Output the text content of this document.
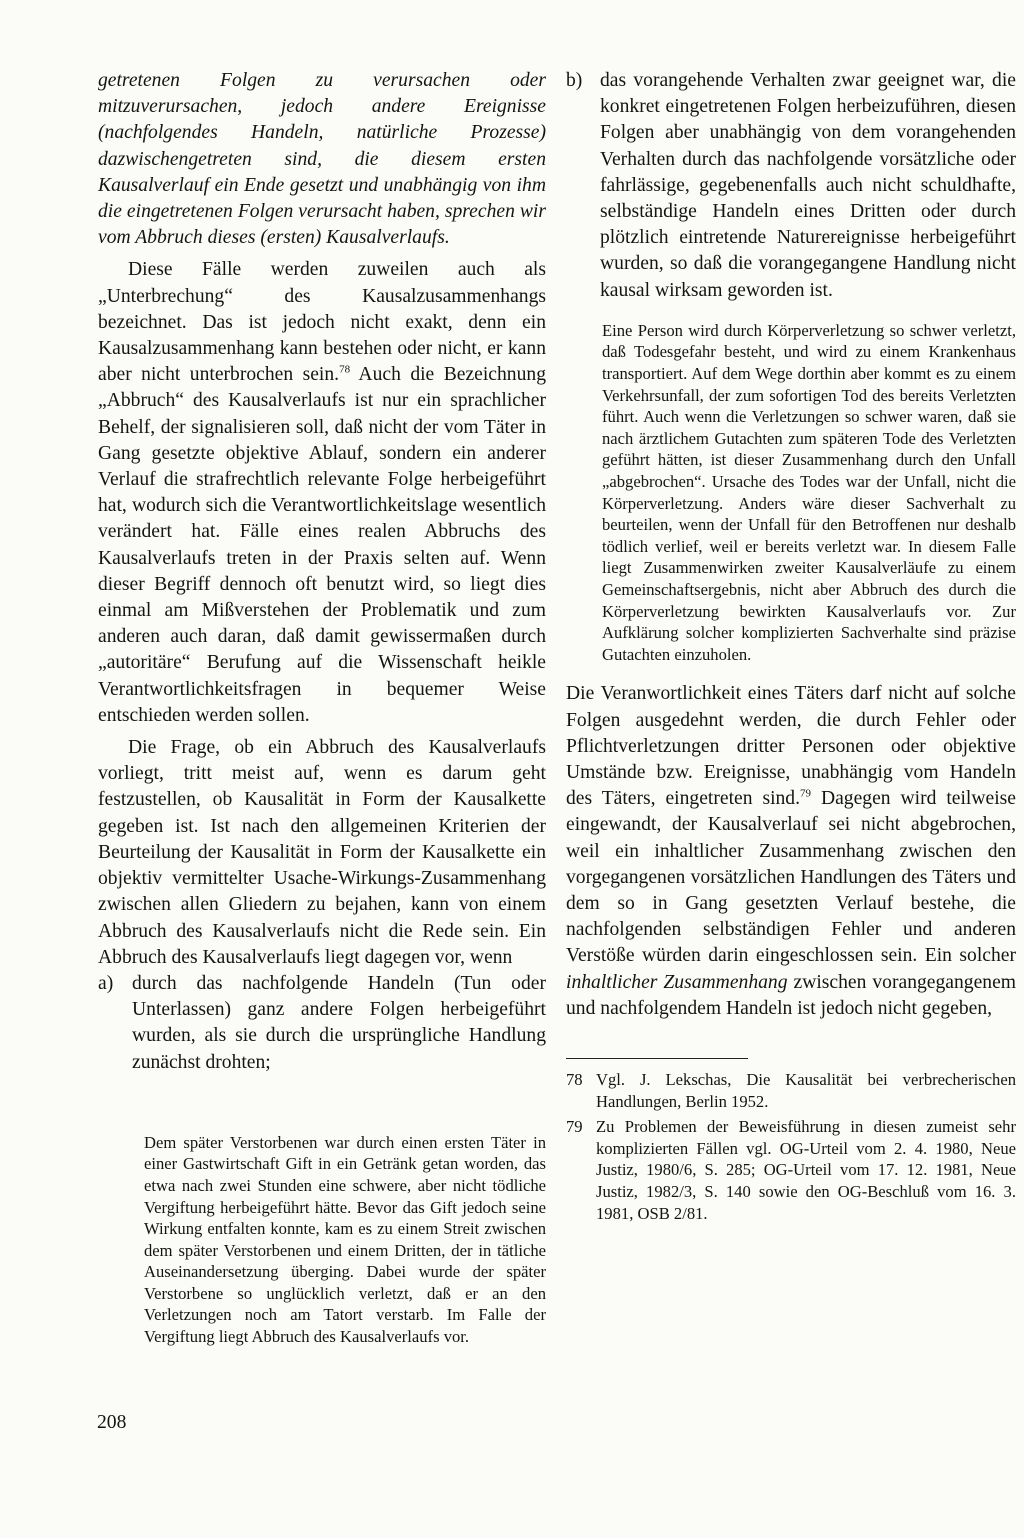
getretenen Folgen zu verursachen oder mitzuverursachen, jedoch andere Ereignisse (nachfolgendes Handeln, natürliche Prozesse) dazwischengetreten sind, die diesem ersten Kausalverlauf ein Ende gesetzt und unabhängig von ihm die eingetretenen Folgen verursacht haben, sprechen wir vom Abbruch dieses (ersten) Kausalverlaufs.

Diese Fälle werden zuweilen auch als „Unterbrechung“ des Kausalzusammenhangs bezeichnet. Das ist jedoch nicht exakt, denn ein Kausalzusammenhang kann bestehen oder nicht, er kann aber nicht unterbrochen sein.$^{78}$ Auch die Bezeichnung „Abbruch“ des Kausalverlaufs ist nur ein sprachlicher Behelf, der signalisieren soll, daß nicht der vom Täter in Gang gesetzte objektive Ablauf, sondern ein anderer Verlauf die strafrechtlich relevante Folge herbeigeführt hat, wodurch sich die Verantwortlichkeitslage wesentlich verändert hat. Fälle eines realen Abbruchs des Kausalverlaufs treten in der Praxis selten auf. Wenn dieser Begriff dennoch oft benutzt wird, so liegt dies einmal am Mißverstehen der Problematik und zum anderen auch daran, daß damit gewissermaßen durch „autoritäre“ Berufung auf die Wissenschaft heikle Verantwortlichkeitsfragen in bequemer Weise entschieden werden sollen.

Die Frage, ob ein Abbruch des Kausalverlaufs vorliegt, tritt meist auf, wenn es darum geht festzustellen, ob Kausalität in Form der Kausalkette gegeben ist. Ist nach den allgemeinen Kriterien der Beurteilung der Kausalität in Form der Kausalkette ein objektiv vermittelter Usache-Wirkungs-Zusammenhang zwischen allen Gliedern zu bejahen, kann von einem Abbruch des Kausalverlaufs nicht die Rede sein. Ein Abbruch des Kausalverlaufs liegt dagegen vor, wenn

a) durch das nachfolgende Handeln (Tun oder Unterlassen) ganz andere Folgen herbeigeführt wurden, als sie durch die ursprüngliche Handlung zunächst drohten;

Dem später Verstorbenen war durch einen ersten Täter in einer Gastwirtschaft Gift in ein Getränk getan worden, das etwa nach zwei Stunden eine schwere, aber nicht tödliche Vergiftung herbeigeführt hätte. Bevor das Gift jedoch seine Wirkung entfalten konnte, kam es zu einem Streit zwischen dem später Verstorbenen und einem Dritten, der in tätliche Auseinandersetzung überging. Dabei wurde der später Verstorbene so unglücklich verletzt, daß er an den Verletzungen noch am Tatort verstarb. Im Falle der Vergiftung liegt Abbruch des Kausalverlaufs vor.

b) das vorangehende Verhalten zwar geeignet war, die konkret eingetretenen Folgen herbeizuführen, diesen Folgen aber unabhängig von dem vorangehenden Verhalten durch das nachfolgende vorsätzliche oder fahrlässige, gegebenenfalls auch nicht schuldhafte, selbständige Handeln eines Dritten oder durch plötzlich eintretende Naturereignisse herbeigeführt wurden, so daß die vorangegangene Handlung nicht kausal wirksam geworden ist.

Eine Person wird durch Körperverletzung so schwer verletzt, daß Todesgefahr besteht, und wird zu einem Krankenhaus transportiert. Auf dem Wege dorthin aber kommt es zu einem Verkehrsunfall, der zum sofortigen Tod des bereits Verletzten führt. Auch wenn die Verletzungen so schwer waren, daß sie nach ärztlichem Gutachten zum späteren Tode des Verletzten geführt hätten, ist dieser Zusammenhang durch den Unfall „abgebrochen“. Ursache des Todes war der Unfall, nicht die Körperverletzung. Anders wäre dieser Sachverhalt zu beurteilen, wenn der Unfall für den Betroffenen nur deshalb tödlich verlief, weil er bereits verletzt war. In diesem Falle liegt Zusammenwirken zweiter Kausalverläufe zu einem Gemeinschaftsergebnis, nicht aber Abbruch des durch die Körperverletzung bewirkten Kausalverlaufs vor. Zur Aufklärung solcher komplizierten Sachverhalte sind präzise Gutachten einzuholen.

Die Veranwortlichkeit eines Täters darf nicht auf solche Folgen ausgedehnt werden, die durch Fehler oder Pflichtverletzungen dritter Personen oder objektive Umstände bzw. Ereignisse, unabhängig vom Handeln des Täters, eingetreten sind.$^{79}$ Dagegen wird teilweise eingewandt, der Kausalverlauf sei nicht abgebrochen, weil ein inhaltlicher Zusammenhang zwischen den vorgegangenen vorsätzlichen Handlungen des Täters und dem so in Gang gesetzten Verlauf bestehe, die nachfolgenden selbständigen Fehler und anderen Verstöße würden darin eingeschlossen sein. Ein solcher inhaltlicher Zusammenhang zwischen vorangegangenem und nachfolgendem Handeln ist jedoch nicht gegeben,

78 Vgl. J. Lekschas, Die Kausalität bei verbrecherischen Handlungen, Berlin 1952.

79 Zu Problemen der Beweisführung in diesen zumeist sehr komplizierten Fällen vgl. OG-Urteil vom 2. 4. 1980, Neue Justiz, 1980/6, S. 285; OG-Urteil vom 17. 12. 1981, Neue Justiz, 1982/3, S. 140 sowie den OG-Beschluß vom 16. 3. 1981, OSB 2/81.

208
